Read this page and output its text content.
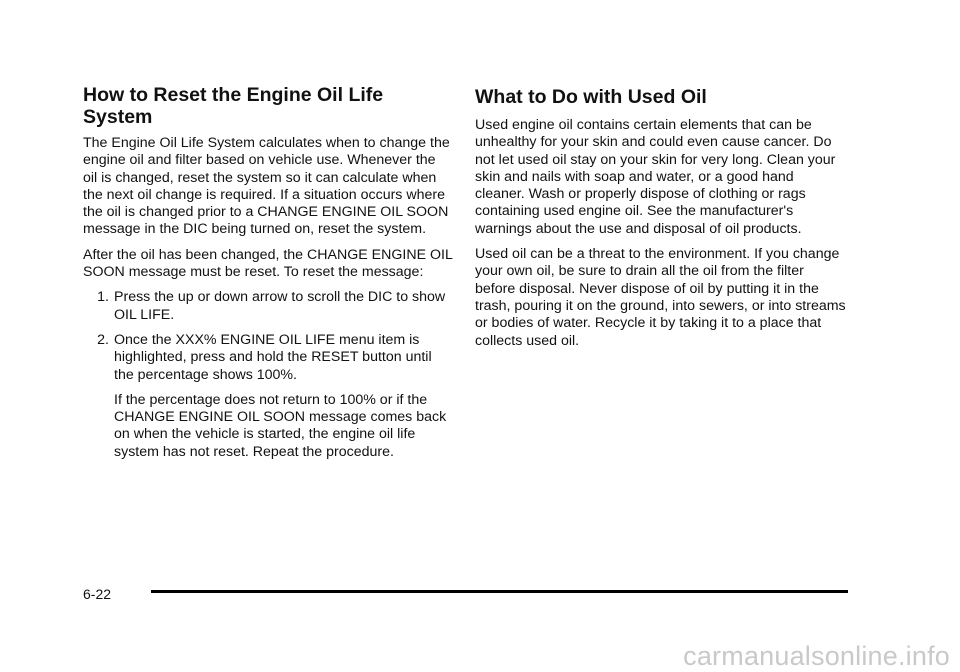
How to Reset the Engine Oil Life System

The Engine Oil Life System calculates when to change the engine oil and filter based on vehicle use. Whenever the oil is changed, reset the system so it can calculate when the next oil change is required. If a situation occurs where the oil is changed prior to a CHANGE ENGINE OIL SOON message in the DIC being turned on, reset the system.

After the oil has been changed, the CHANGE ENGINE OIL SOON message must be reset. To reset the message:

1. Press the up or down arrow to scroll the DIC to show OIL LIFE.
2. Once the XXX% ENGINE OIL LIFE menu item is highlighted, press and hold the RESET button until the percentage shows 100%.

If the percentage does not return to 100% or if the CHANGE ENGINE OIL SOON message comes back on when the vehicle is started, the engine oil life system has not reset. Repeat the procedure.

What to Do with Used Oil

Used engine oil contains certain elements that can be unhealthy for your skin and could even cause cancer. Do not let used oil stay on your skin for very long. Clean your skin and nails with soap and water, or a good hand cleaner. Wash or properly dispose of clothing or rags containing used engine oil. See the manufacturer's warnings about the use and disposal of oil products.

Used oil can be a threat to the environment. If you change your own oil, be sure to drain all the oil from the filter before disposal. Never dispose of oil by putting it in the trash, pouring it on the ground, into sewers, or into streams or bodies of water. Recycle it by taking it to a place that collects used oil.

6-22
carmanualsonline.info
